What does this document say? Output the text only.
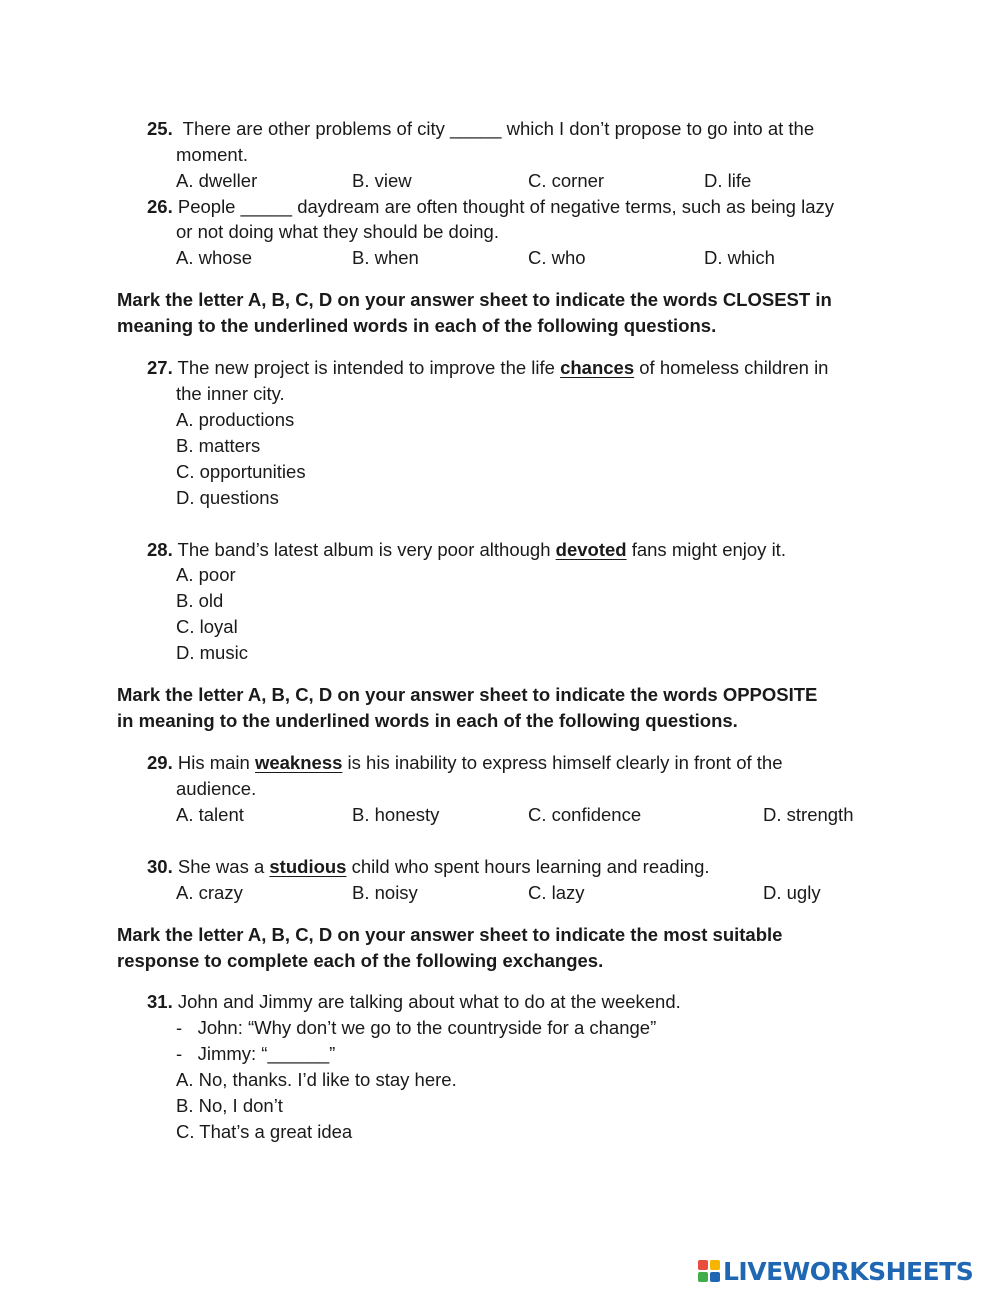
25. There are other problems of city _____ which I don’t propose to go into at the
moment.
A. dweller	B. view	C. corner	D. life
26. People _____ daydream are often thought of negative terms, such as being lazy
or not doing what they should be doing.
A. whose	B. when	C. who	D. which
Mark the letter A, B, C, D on your answer sheet to indicate the words CLOSEST in
meaning to the underlined words in each of the following questions.
27. The new project is intended to improve the life chances of homeless children in
the inner city.
A. productions
B. matters
C. opportunities
D. questions
28. The band’s latest album is very poor although devoted fans might enjoy it.
A. poor
B. old
C. loyal
D. music
Mark the letter A, B, C, D on your answer sheet to indicate the words OPPOSITE
in meaning to the underlined words in each of the following questions.
29. His main weakness is his inability to express himself clearly in front of the
audience.
A. talent	B. honesty	C. confidence	D. strength
30. She was a studious child who spent hours learning and reading.
A. crazy	B. noisy	C. lazy	D. ugly
Mark the letter A, B, C, D on your answer sheet to indicate the most suitable
response to complete each of the following exchanges.
31. John and Jimmy are talking about what to do at the weekend.
-   John: “Why don’t we go to the countryside for a change”
-   Jimmy: “______”
A. No, thanks. I’d like to stay here.
B. No, I don’t
C. That’s a great idea
LIVEWORKSHEETS
